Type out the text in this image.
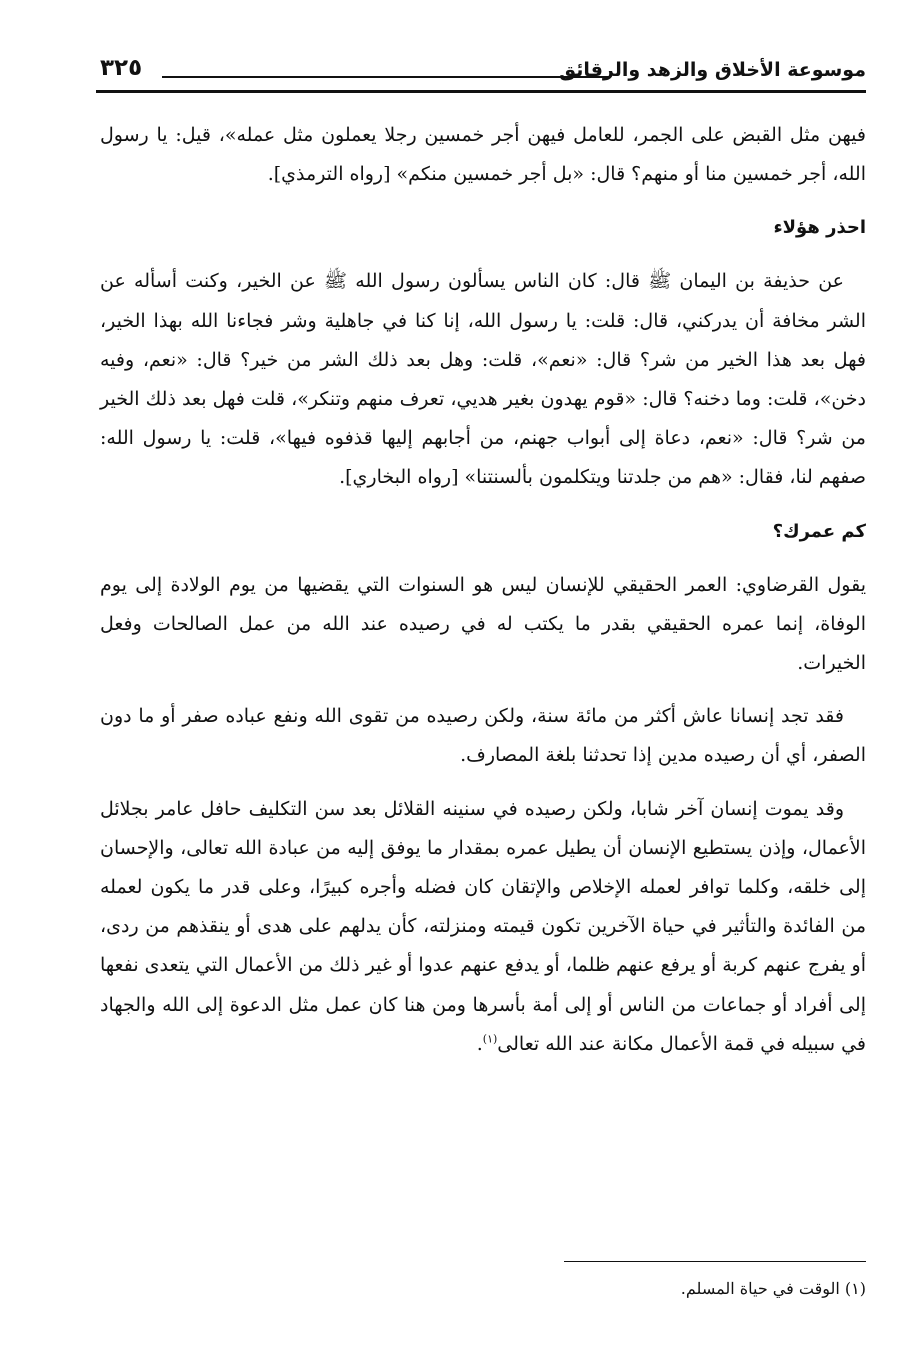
موسوعة الأخلاق والزهد والرقائق
٣٢٥

فيهن مثل القبض على الجمر، للعامل فيهن أجر خمسين رجلا يعملون مثل عمله»، قيل: يا رسول الله، أجر خمسين منا أو منهم؟ قال: «بل أجر خمسين منكم» [رواه الترمذي].

احذر هؤلاء

عن حذيفة بن اليمان ﷺ قال: كان الناس يسألون رسول الله ﷺ عن الخير، وكنت أسأله عن الشر مخافة أن يدركني، قال: قلت: يا رسول الله، إنا كنا في جاهلية وشر فجاءنا الله بهذا الخير، فهل بعد هذا الخير من شر؟ قال: «نعم»، قلت: وهل بعد ذلك الشر من خير؟ قال: «نعم، وفيه دخن»، قلت: وما دخنه؟ قال: «قوم يهدون بغير هديي، تعرف منهم وتنكر»، قلت فهل بعد ذلك الخير من شر؟ قال: «نعم، دعاة إلى أبواب جهنم، من أجابهم إليها قذفوه فيها»، قلت: يا رسول الله: صفهم لنا، فقال: «هم من جلدتنا ويتكلمون بألسنتنا» [رواه البخاري].

كم عمرك؟

يقول القرضاوي: العمر الحقيقي للإنسان ليس هو السنوات التي يقضيها من يوم الولادة إلى يوم الوفاة، إنما عمره الحقيقي بقدر ما يكتب له في رصيده عند الله من عمل الصالحات وفعل الخيرات.

فقد تجد إنسانا عاش أكثر من مائة سنة، ولكن رصيده من تقوى الله ونفع عباده صفر أو ما دون الصفر، أي أن رصيده مدين إذا تحدثنا بلغة المصارف.

وقد يموت إنسان آخر شابا، ولكن رصيده في سنينه القلائل بعد سن التكليف حافل عامر بجلائل الأعمال، وإذن يستطيع الإنسان أن يطيل عمره بمقدار ما يوفق إليه من عبادة الله تعالى، والإحسان إلى خلقه، وكلما توافر لعمله الإخلاص والإتقان كان فضله وأجره كبيرًا، وعلى قدر ما يكون لعمله من الفائدة والتأثير في حياة الآخرين تكون قيمته ومنزلته، كأن يدلهم على هدى أو ينقذهم من ردى، أو يفرج عنهم كربة أو يرفع عنهم ظلما، أو يدفع عنهم عدوا أو غير ذلك من الأعمال التي يتعدى نفعها إلى أفراد أو جماعات من الناس أو إلى أمة بأسرها ومن هنا كان عمل مثل الدعوة إلى الله والجهاد في سبيله في قمة الأعمال مكانة عند الله تعالى$^{(١)}$.

(١) الوقت في حياة المسلم.
